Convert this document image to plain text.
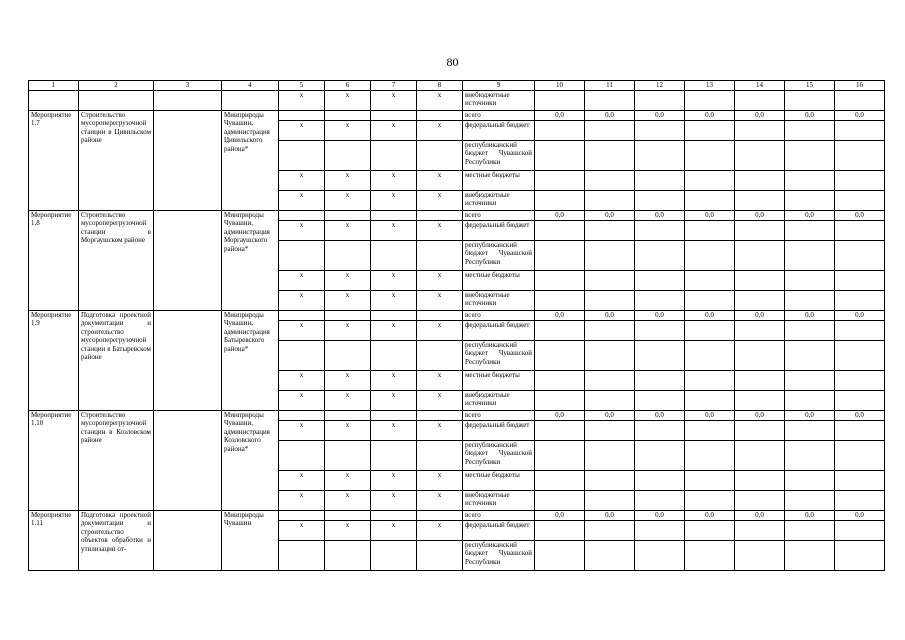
80
1	2	3	4	5	6	7	8	9	10	11	12	13	14	15	16
				x	x	x	x	внебюджетные источники							
Мероприятие 1.7	Строительство мусороперегрузочной станции в Цивильском районе		Минприроды Чувашии, администрация Цивильского района*					всего	0,0	0,0	0,0	0,0	0,0	0,0	0,0
				x	x	x	x	федеральный бюджет							
								республиканский бюджет Чувашской Республики							
				x	x	x	x	местные бюджеты							
				x	x	x	x	внебюджетные источники							
Мероприятие 1.8	Строительство мусороперегрузочной станции в Моргаушском районе		Минприроды Чувашии, администрация Моргаушского района*					всего	0,0	0,0	0,0	0,0	0,0	0,0	0,0
				x	x	x	x	федеральный бюджет							
								республиканский бюджет Чувашской Республики							
				x	x	x	x	местные бюджеты							
				x	x	x	x	внебюджетные источники							
Мероприятие 1.9	Подготовка проектной документации и строительство мусороперегрузочной станции в Батыревском районе		Минприроды Чувашии, администрация Батыревского района*					всего	0,0	0,0	0,0	0,0	0,0	0,0	0,0
				x	x	x	x	федеральный бюджет							
								республиканский бюджет Чувашской Республики							
				x	x	x	x	местные бюджеты							
				x	x	x	x	внебюджетные источники							
Мероприятие 1.10	Строительство мусороперегрузочной станции в Козловском районе		Минприроды Чувашии, администрация Козловского района*					всего	0,0	0,0	0,0	0,0	0,0	0,0	0,0
				x	x	x	x	федеральный бюджет							
								республиканский бюджет Чувашской Республики							
				x	x	x	x	местные бюджеты							
				x	x	x	x	внебюджетные источники							
Мероприятие 1.11	Подготовка проектной документации и строительство объектов обработки и утилизации от-		Минприроды Чувашии					всего	0,0	0,0	0,0	0,0	0,0	0,0	0,0
				x	x	x	x	федеральный бюджет							
								республиканский бюджет Чувашской Республики							
